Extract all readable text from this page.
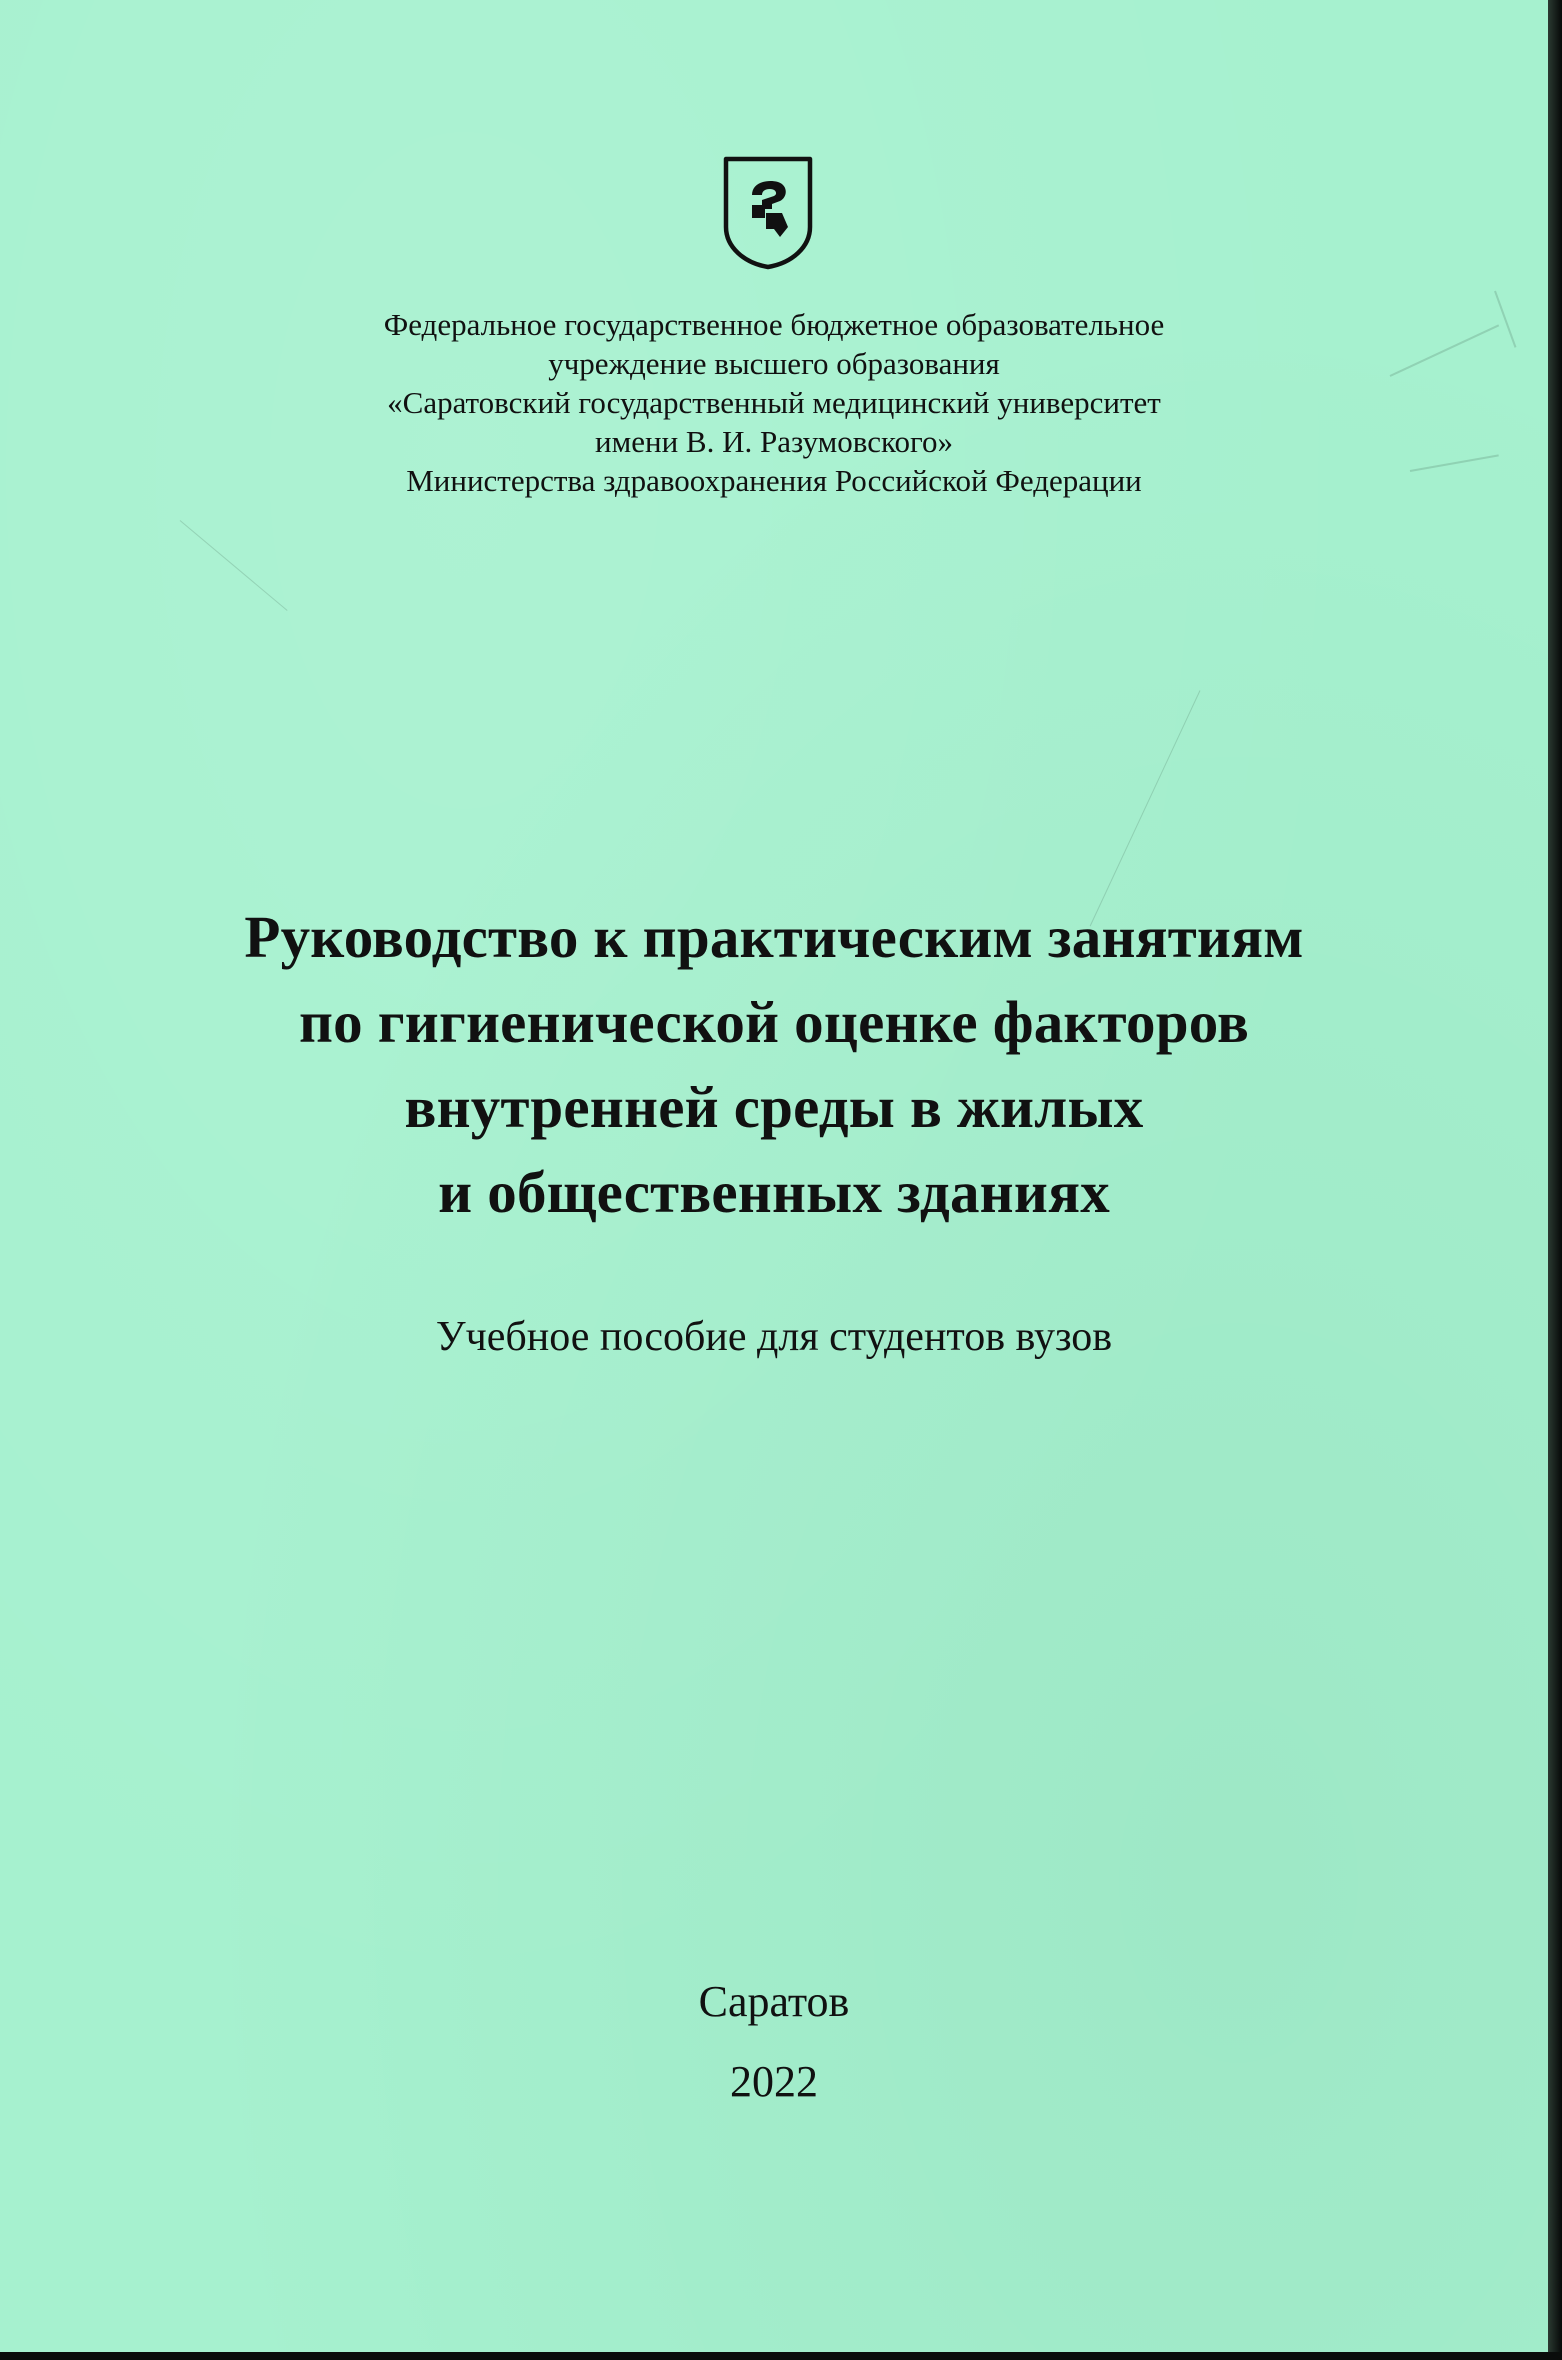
Федеральное государственное бюджетное образовательное
учреждение высшего образования
«Саратовский государственный медицинский университет
имени В. И. Разумовского»
Министерства здравоохранения Российской Федерации
Руководство к практическим занятиям
по гигиенической оценке факторов
внутренней среды в жилых
и общественных зданиях
Учебное пособие для студентов вузов
Саратов
2022
